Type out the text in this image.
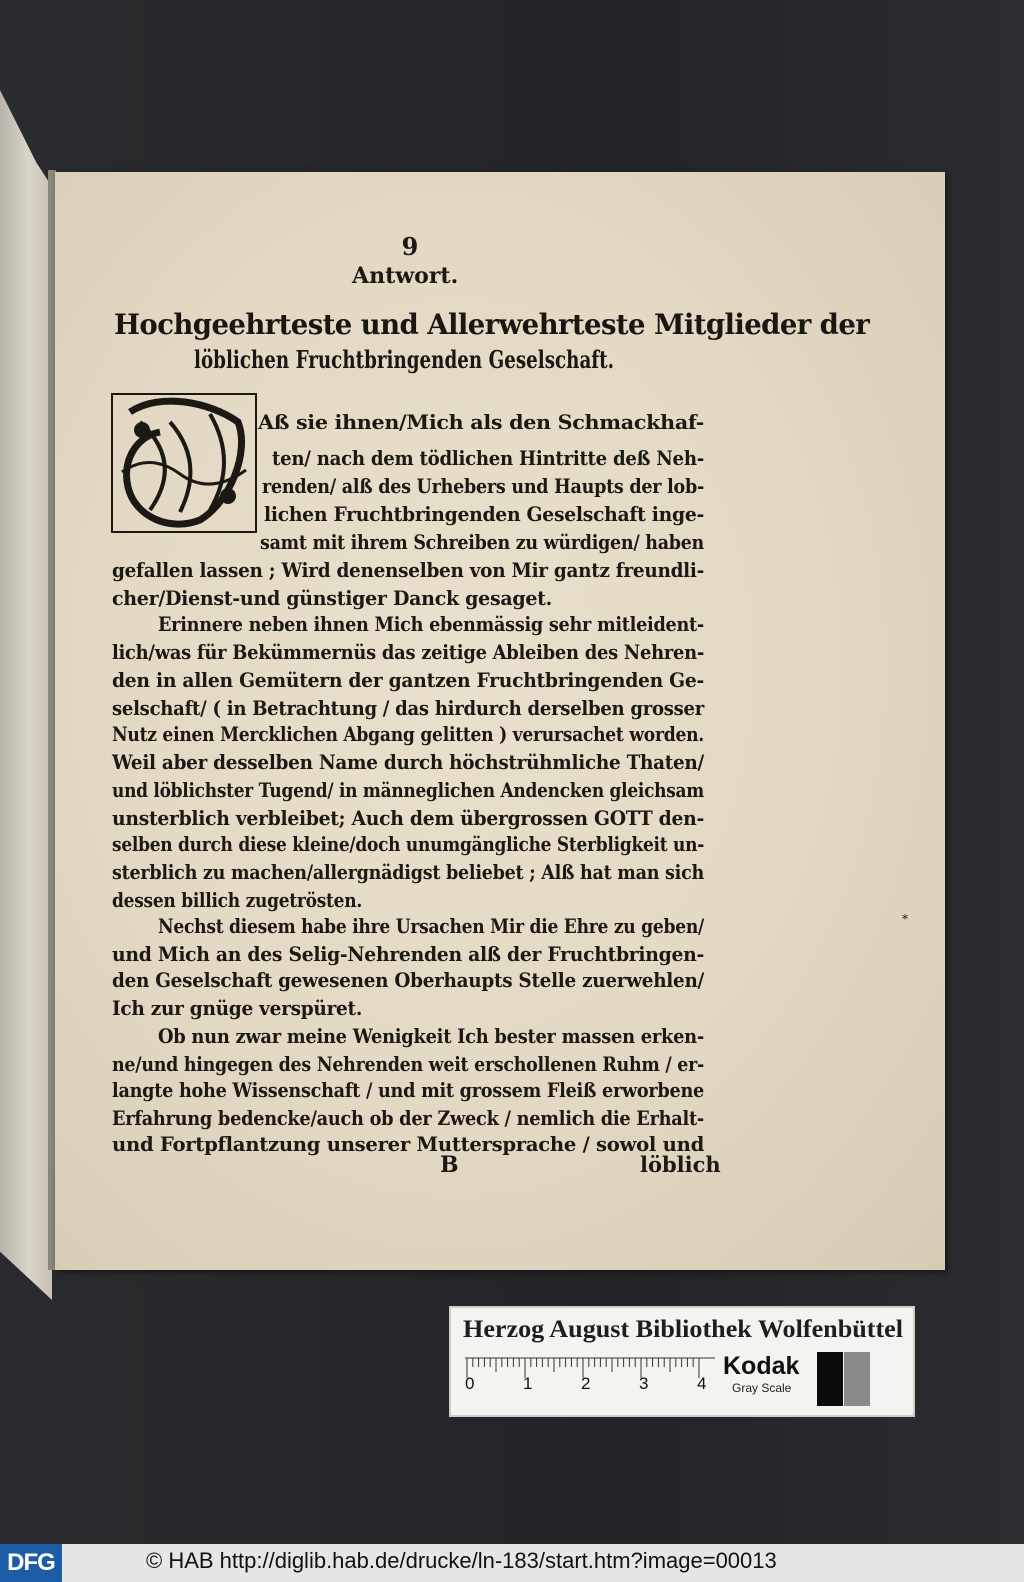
9
Antwort.
Hochgeehrteste und Allerwehrteste Mitglieder der
löblichen Fruchtbringenden Geselschaft.
Aß sie ihnen/Mich als den Schmackhaf-
ten/ nach dem tödlichen Hintritte deß Neh-
renden/ alß des Urhebers und Haupts der lob-
lichen Fruchtbringenden Geselschaft inge-
samt mit ihrem Schreiben zu würdigen/ haben
gefallen lassen ; Wird denenselben von Mir gantz freundli-
cher/Dienst-und günstiger Danck gesaget.
Erinnere neben ihnen Mich ebenmässig sehr mitleident-
lich/was für Bekümmernüs das zeitige Ableiben des Nehren-
den in allen Gemütern der gantzen Fruchtbringenden Ge-
selschaft/ ( in Betrachtung / das hirdurch derselben grosser
Nutz einen Mercklichen Abgang gelitten ) verursachet worden.
Weil aber desselben Name durch höchstrühmliche Thaten/
und löblichster Tugend/ in männeglichen Andencken gleichsam
unsterblich verbleibet; Auch dem übergrossen GOTT den-
selben durch diese kleine/doch unumgängliche Sterbligkeit un-
sterblich zu machen/allergnädigst beliebet ; Alß hat man sich
dessen billich zugetrösten.
Nechst diesem habe ihre Ursachen Mir die Ehre zu geben/
und Mich an des Selig-Nehrenden alß der Fruchtbringen-
den Geselschaft gewesenen Oberhaupts Stelle zuerwehlen/
Ich zur gnüge verspüret.
Ob nun zwar meine Wenigkeit Ich bester massen erken-
ne/und hingegen des Nehrenden weit erschollenen Ruhm / er-
langte hohe Wissenschaft / und mit grossem Fleiß erworbene
Erfahrung bedencke/auch ob der Zweck / nemlich die Erhalt-
und Fortpflantzung unserer Muttersprache / sowol und
B	löblich
*
Herzog August Bibliothek Wolfenbüttel
0	1	2	3	4
Kodak
Gray Scale
DFG	© HAB http://diglib.hab.de/drucke/ln-183/start.htm?image=00013
